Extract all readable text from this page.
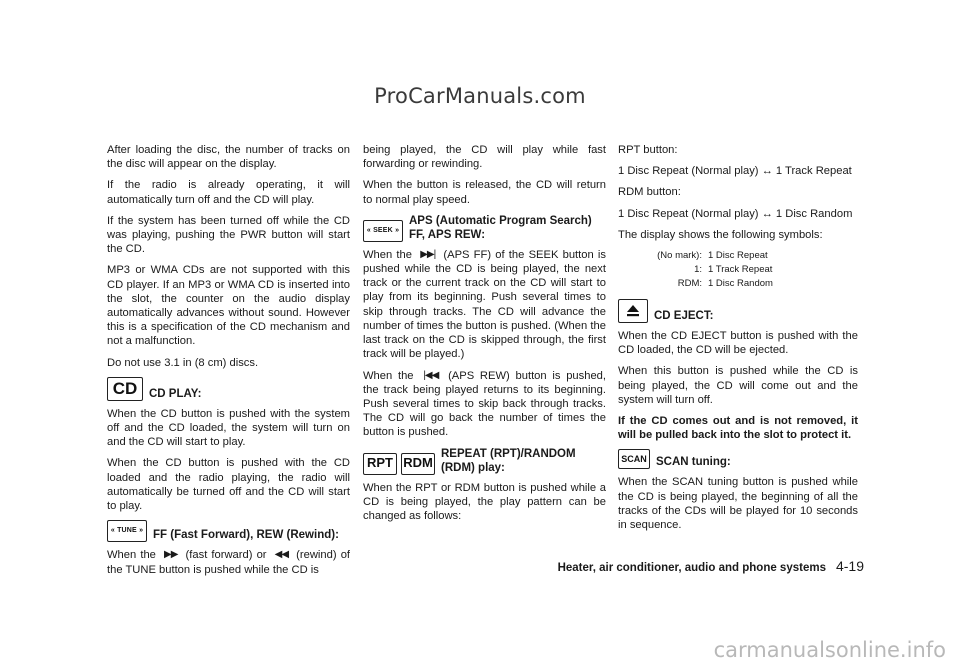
ProCarManuals.com

After loading the disc, the number of tracks on the disc will appear on the display.

If the radio is already operating, it will automatically turn off and the CD will play.

If the system has been turned off while the CD was playing, pushing the PWR button will start the CD.

MP3 or WMA CDs are not supported with this CD player. If an MP3 or WMA CD is inserted into the slot, the counter on the audio display automatically advances without sound. However this is a specification of the CD mechanism and not a malfunction.

Do not use 3.1 in (8 cm) discs.

CD	CD PLAY:

When the CD button is pushed with the system off and the CD loaded, the system will turn on and the CD will start to play.

When the CD button is pushed with the CD loaded and the radio playing, the radio will automatically be turned off and the CD will start to play.

« TUNE » FF (Fast Forward), REW (Rewind):

When the ▶▶ (fast forward) or ◀◀ (rewind) of the TUNE button is pushed while the CD is

being played, the CD will play while fast forwarding or rewinding.

When the button is released, the CD will return to normal play speed.

« SEEK »
APS (Automatic Program Search)
FF, APS REW:

When the ▶▶| (APS FF) of the SEEK button is pushed while the CD is being played, the next track or the current track on the CD will start to play from its beginning. Push several times to skip through tracks. The CD will advance the number of times the button is pushed. (When the last track on the CD is skipped through, the first track will be played.)

When the |◀◀ (APS REW) button is pushed, the track being played returns to its beginning. Push several times to skip back through tracks. The CD will go back the number of times the button is pushed.

RPT RDM
REPEAT (RPT)/RANDOM
(RDM) play:

When the RPT or RDM button is pushed while a CD is being played, the play pattern can be changed as follows:

RPT button:

1 Disc Repeat (Normal play) ↔ 1 Track Repeat

RDM button:

1 Disc Repeat (Normal play) ↔ 1 Disc Random

The display shows the following symbols:

(No mark): 1 Disc Repeat
1: 1 Track Repeat
RDM: 1 Disc Random
CD EJECT:

When the CD EJECT button is pushed with the CD loaded, the CD will be ejected.

When this button is pushed while the CD is being played, the CD will come out and the system will turn off.

If the CD comes out and is not removed, it will be pulled back into the slot to protect it.

SCAN SCAN tuning:

When the SCAN tuning button is pushed while the CD is being played, the beginning of all the tracks of the CDs will be played for 10 seconds in sequence.

Heater, air conditioner, audio and phone systems 4-19
carmanualsonline.info
